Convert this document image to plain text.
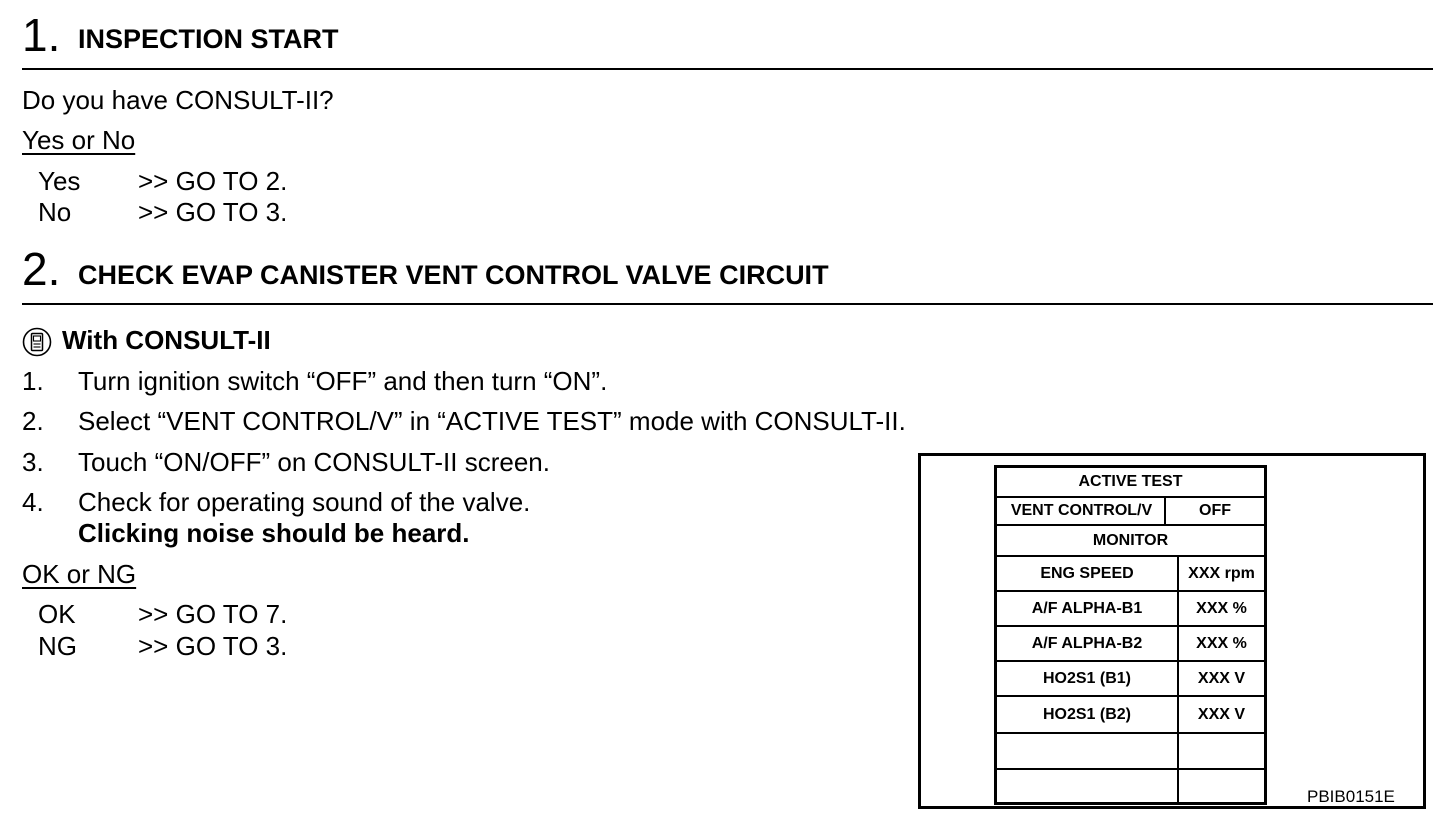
1. INSPECTION START
Do you have CONSULT-II?
Yes or No
Yes >> GO TO 2.
No	>> GO TO 3.
2. CHECK EVAP CANISTER VENT CONTROL VALVE CIRCUIT
With CONSULT-II
1. Turn ignition switch “OFF” and then turn “ON”.
2. Select “VENT CONTROL/V” in “ACTIVE TEST” mode with CONSULT-II.
3. Touch “ON/OFF” on CONSULT-II screen.
4. Check for operating sound of the valve.
Clicking noise should be heard.
OK or NG
OK >> GO TO 7.
NG >> GO TO 3.
ACTIVE TEST
VENT CONTROL/V	OFF
MONITOR
ENG SPEED	XXX rpm
A/F ALPHA-B1	XXX %
A/F ALPHA-B2	XXX %
HO2S1 (B1)	XXX V
HO2S1 (B2)	XXX V
PBIB0151E
